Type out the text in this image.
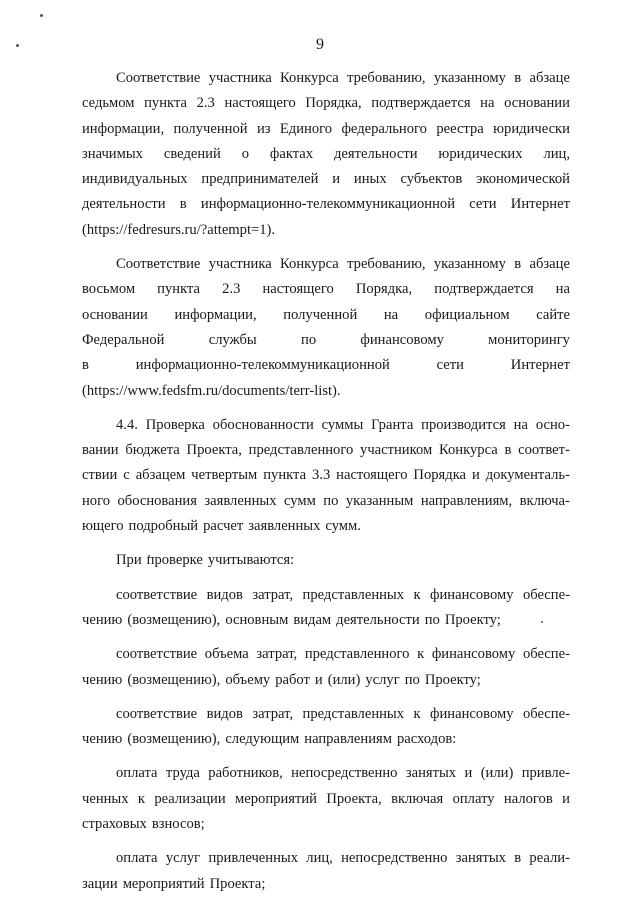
9
Соответствие участника Конкурса требованию, указанному в абзаце
седьмом пункта 2.3 настоящего Порядка, подтверждается на основании
информации, полученной из Единого федерального реестра юридически
значимых сведений о фактах деятельности юридических лиц,
индивидуальных предпринимателей и иных субъектов экономической
деятельности в информационно-телекоммуникационной сети Интернет
(https://fedresurs.ru/?attempt=1).
Соответствие участника Конкурса требованию, указанному в абзаце
восьмом пункта 2.3 настоящего Порядка, подтверждается на
основании информации, полученной на официальном сайте
Федеральной	службы	по	финансовому	мониторингу
в	информационно-телекоммуникационной	сети	Интернет
(https://www.fedsfm.ru/documents/terr-list).
4.4. Проверка обоснованности суммы Гранта производится на осно-
вании бюджета Проекта, представленного участником Конкурса в соответ-
ствии с абзацем четвертым пункта 3.3 настоящего Порядка и документаль-
ного обоснования заявленных сумм по указанным направлениям, включа-
ющего подробный расчет заявленных сумм.
При проверке учитываются:
соответствие видов затрат, представленных к финансовому обеспе-
чению (возмещению), основным видам деятельности по Проекту;
соответствие объема затрат, представленного к финансовому обеспе-
чению (возмещению), объему работ и (или) услуг по Проекту;
соответствие видов затрат, представленных к финансовому обеспе-
чению (возмещению), следующим направлениям расходов:
оплата труда работников, непосредственно занятых и (или) привле-
ченных к реализации мероприятий Проекта, включая оплату налогов и
страховых взносов;
оплата услуг привлеченных лиц, непосредственно занятых в реали-
зации мероприятий Проекта;
